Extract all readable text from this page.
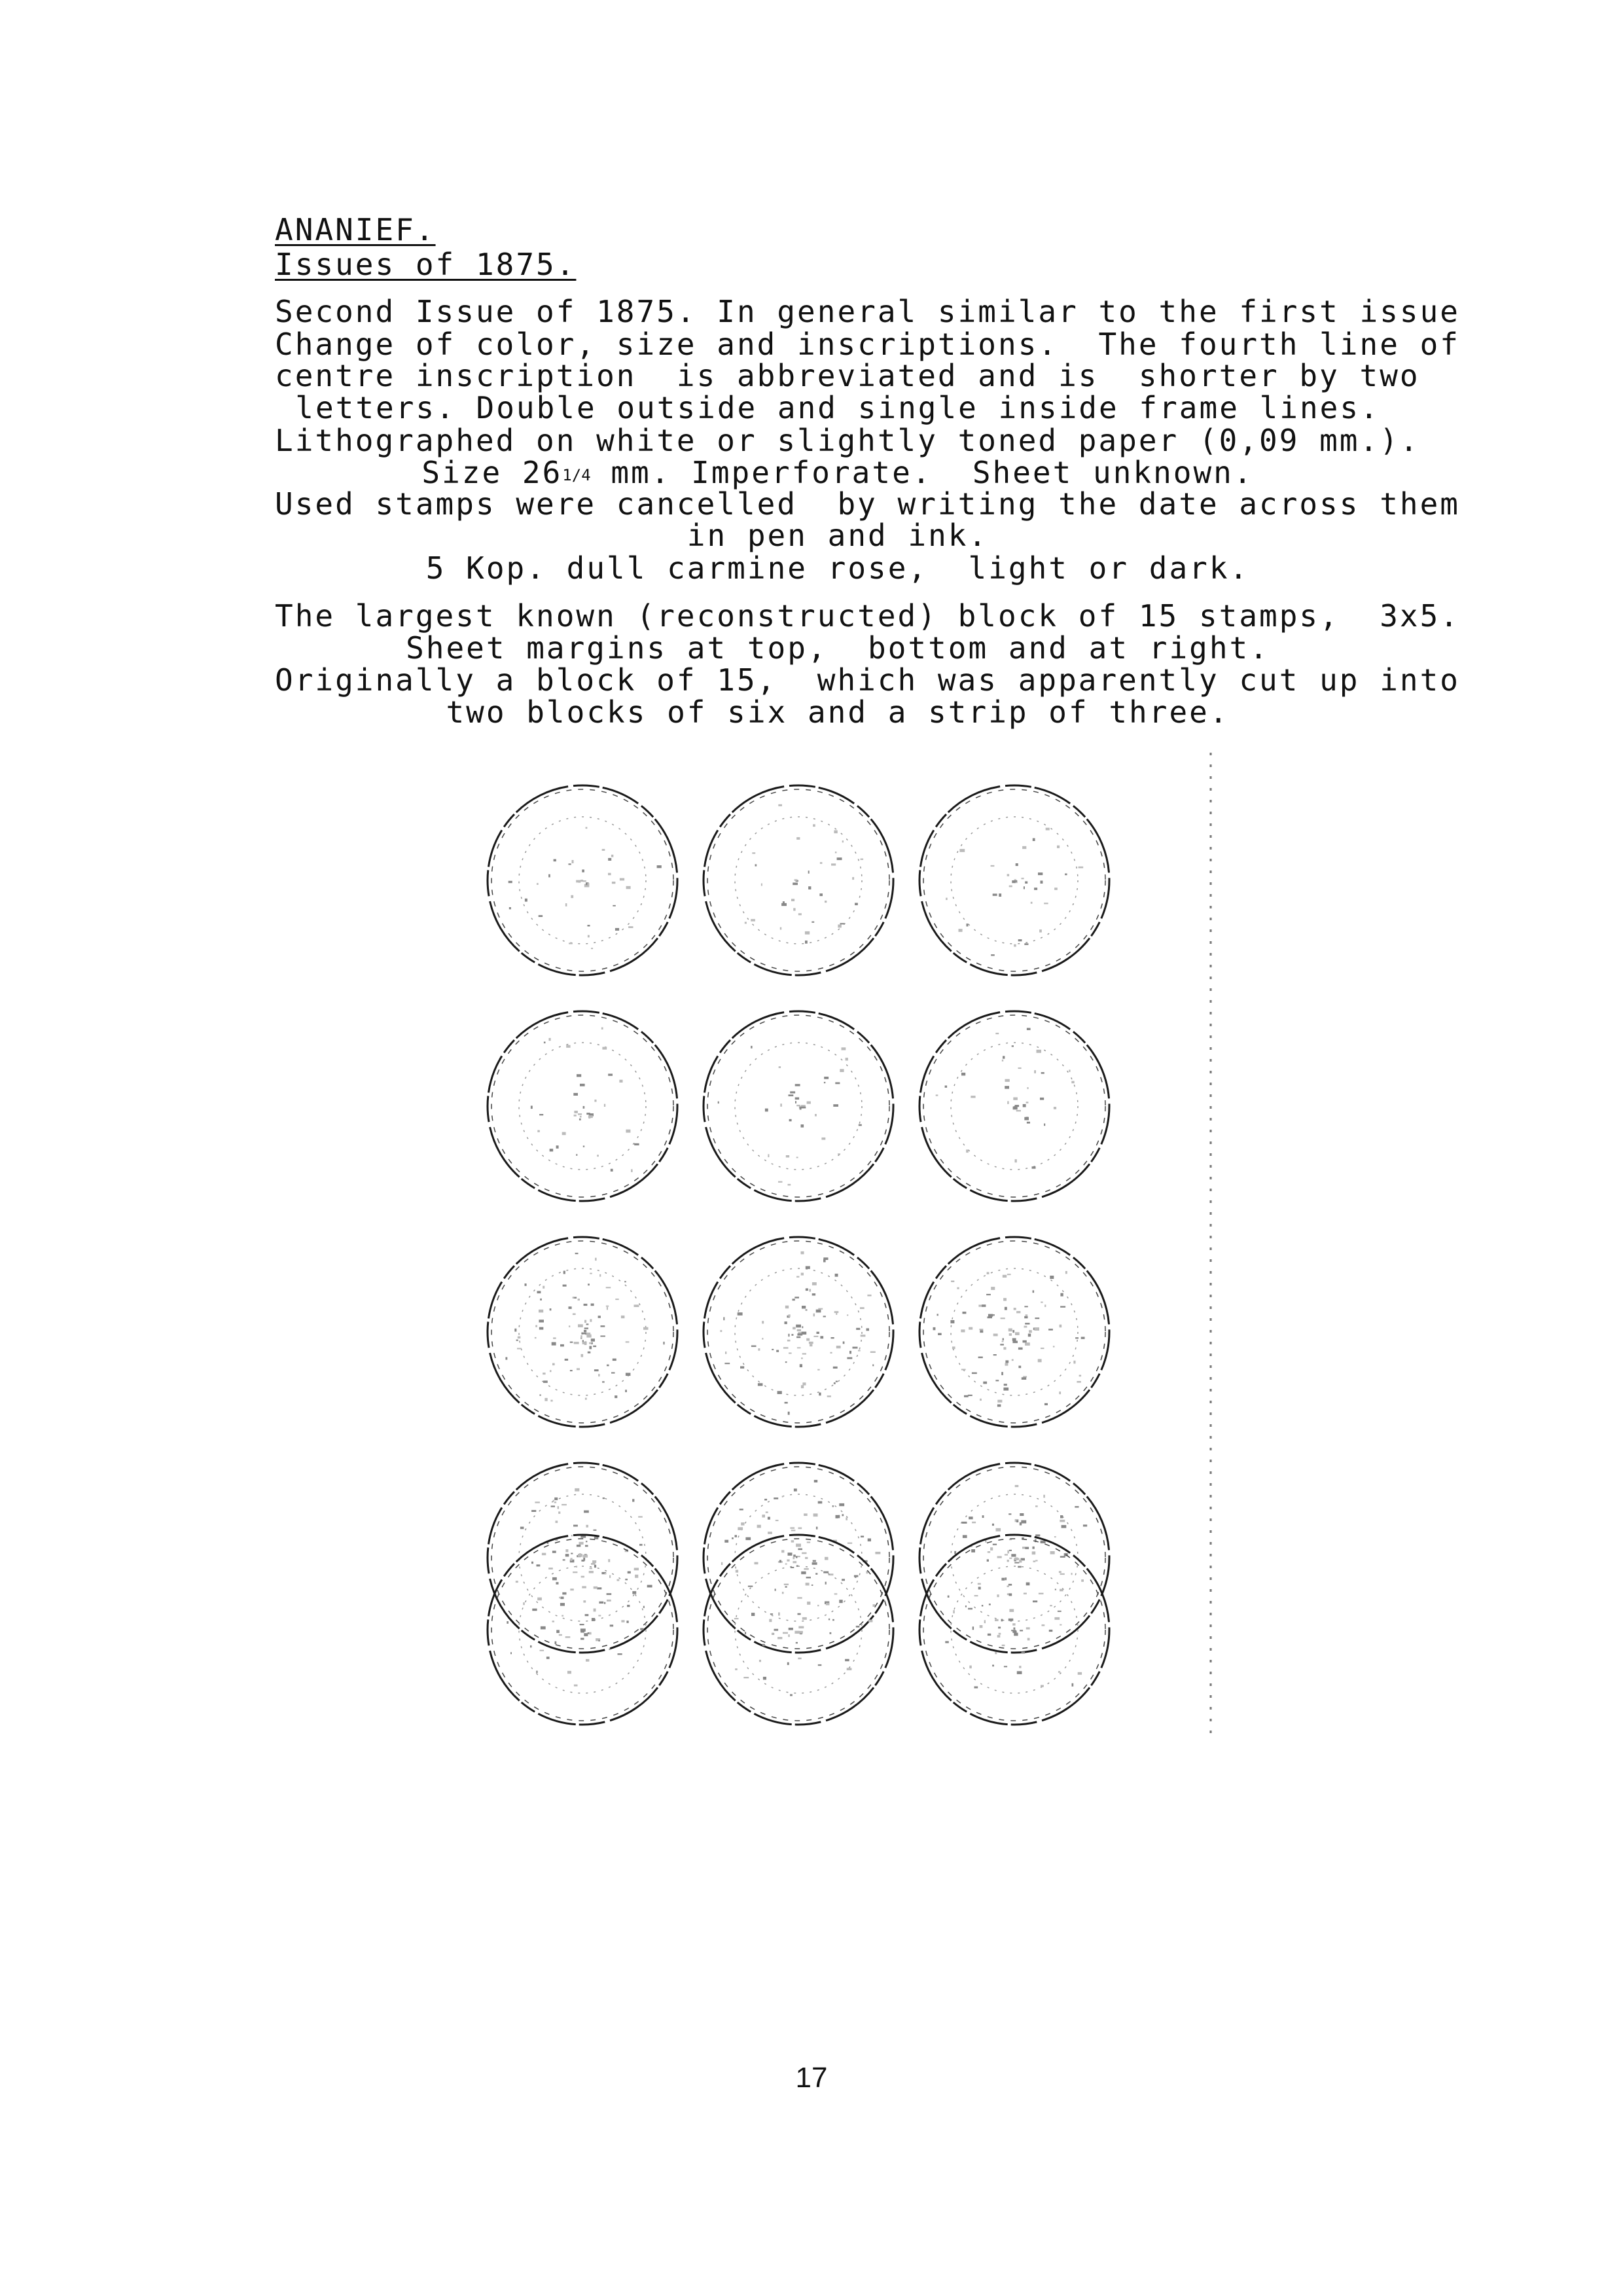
ANANIEF.
Issues of 1875.
Second Issue of 1875. In general similar to the first issue
Change of color, size and inscriptions.  The fourth line of
centre inscription  is abbreviated and is  shorter by two
letters. Double outside and single inside frame lines.
Lithographed on white or slightly toned paper (0,09 mm.).
Size 261/4 mm. Imperforate.  Sheet unknown.
Used stamps were cancelled  by writing the date across them
in pen and ink.
5 Kop. dull carmine rose,  light or dark.
The largest known (reconstructed) block of 15 stamps,  3x5.
Sheet margins at top,  bottom and at right.
Originally a block of 15,  which was apparently cut up into
two blocks of six and a strip of three.
17
